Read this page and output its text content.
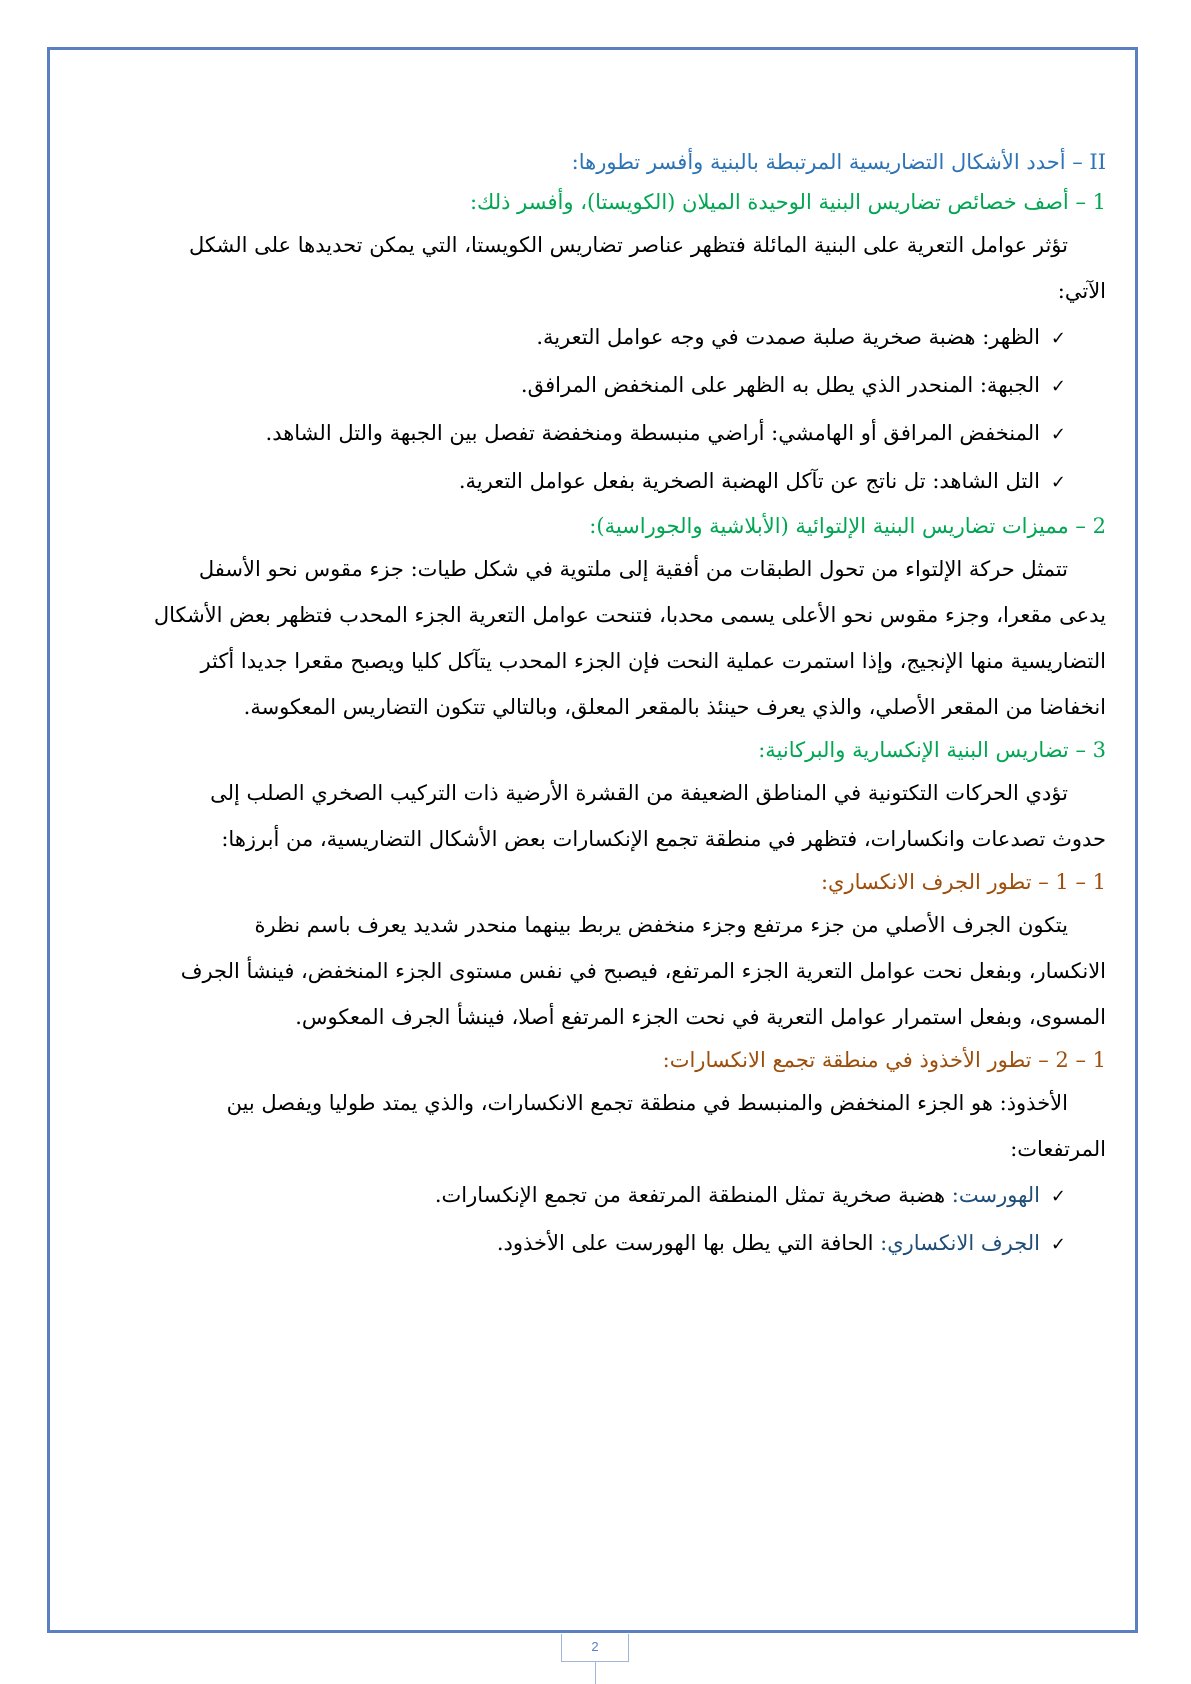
II – أحدد الأشكال التضاريسية المرتبطة بالبنية وأفسر تطورها:
1 – أصف خصائص تضاريس البنية الوحيدة الميلان (الكويستا)، وأفسر ذلك:
تؤثر عوامل التعرية على البنية المائلة فتظهر عناصر تضاريس الكويستا، التي يمكن تحديدها على الشكل
الآتي:
✓الظهر: هضبة صخرية صلبة صمدت في وجه عوامل التعرية.
✓الجبهة: المنحدر الذي يطل به الظهر على المنخفض المرافق.
✓المنخفض المرافق أو الهامشي: أراضي منبسطة ومنخفضة تفصل بين الجبهة والتل الشاهد.
✓التل الشاهد: تل ناتج عن تآكل الهضبة الصخرية بفعل عوامل التعرية.
2 – مميزات تضاريس البنية الإلتوائية (الأبلاشية والجوراسية):
تتمثل حركة الإلتواء من تحول الطبقات من أفقية إلى ملتوية في شكل طيات: جزء مقوس نحو الأسفل
يدعى مقعرا، وجزء مقوس نحو الأعلى يسمى محدبا، فتنحت عوامل التعرية الجزء المحدب فتظهر بعض الأشكال
التضاريسية منها الإنجيج، وإذا استمرت عملية النحت فإن الجزء المحدب يتآكل كليا ويصبح مقعرا جديدا أكثر
انخفاضا من المقعر الأصلي، والذي يعرف حينئذ بالمقعر المعلق، وبالتالي تتكون التضاريس المعكوسة.
3 – تضاريس البنية الإنكسارية والبركانية:
تؤدي الحركات التكتونية في المناطق الضعيفة من القشرة الأرضية ذات التركيب الصخري الصلب إلى
حدوث تصدعات وانكسارات، فتظهر في منطقة تجمع الإنكسارات بعض الأشكال التضاريسية، من أبرزها:
1 – 1 – تطور الجرف الانكساري:
يتكون الجرف الأصلي من جزء مرتفع وجزء منخفض يربط بينهما منحدر شديد يعرف باسم نظرة
الانكسار، وبفعل نحت عوامل التعرية الجزء المرتفع، فيصبح في نفس مستوى الجزء المنخفض، فينشأ الجرف
المسوى، وبفعل استمرار عوامل التعرية في نحت الجزء المرتفع أصلا، فينشأ الجرف المعكوس.
1 – 2 – تطور الأخذوذ في منطقة تجمع الانكسارات:
الأخذوذ: هو الجزء المنخفض والمنبسط في منطقة تجمع الانكسارات، والذي يمتد طوليا ويفصل بين
المرتفعات:
✓الهورست: هضبة صخرية تمثل المنطقة المرتفعة من تجمع الإنكسارات.
✓الجرف الانكساري: الحافة التي يطل بها الهورست على الأخذود.
2
